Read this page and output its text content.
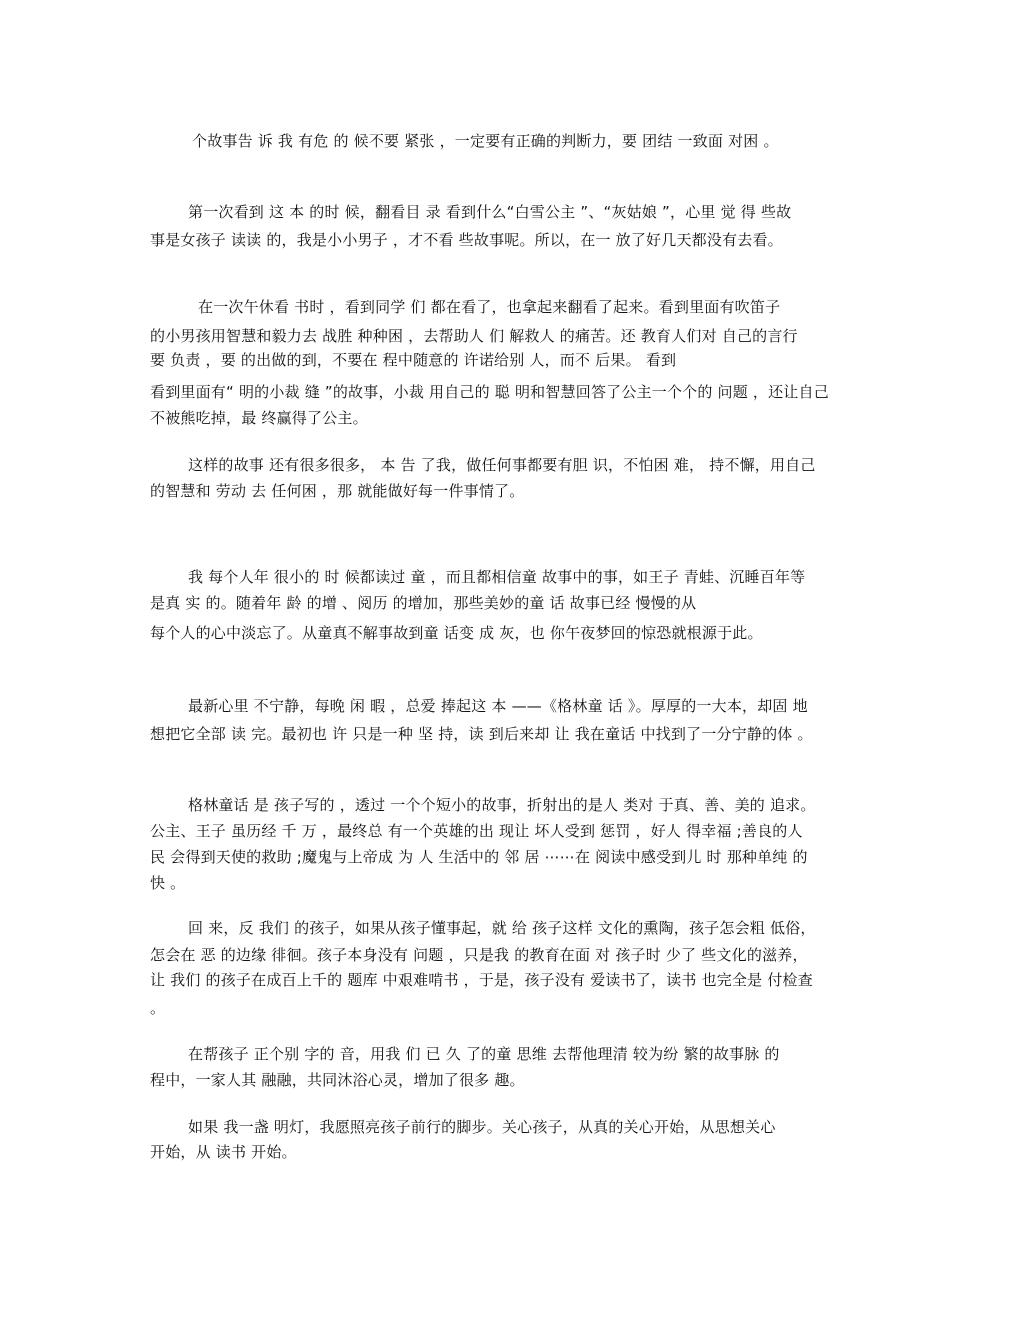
个故事告 诉 我 有危 的 候不要 紧张 ，一定要有正确的判断力，要 团结 一致面 对困 。
第一次看到 这 本 的时 候，翻看目 录 看到什么“白雪公主 ”、“灰姑娘 ”，心里 觉 得 些故
事是女孩子 读读 的，我是小小男子 ，才不看 些故事呢。所以，在一 放了好几天都没有去看。
在一次午休看 书时 ，看到同学 们 都在看了，也拿起来翻看了起来。看到里面有吹笛子
的小男孩用智慧和毅力去 战胜 种种困 ，去帮助人 们 解救人 的痛苦。还 教育人们对 自己的言行
要 负责 ，要 的出做的到，不要在 程中随意的 许诺给别 人，而不 后果。 看到
看到里面有“ 明的小裁 缝 ”的故事，小裁 用自己的 聪 明和智慧回答了公主一个个的 问题 ，还让自己
不被熊吃掉，最 终赢得了公主。
这样的故事 还有很多很多， 本 告 了我，做任何事都要有胆 识，不怕困 难， 持不懈，用自己
的智慧和 劳动 去 任何困 ，那 就能做好每一件事情了。
我 每个人年 很小的 时 候都读过 童 ，而且都相信童 故事中的事，如王子 青蛙、沉睡百年等
是真 实 的。随着年 龄 的增 、阅历 的增加，那些美妙的童 话 故事已经 慢慢的从
每个人的心中淡忘了。从童真不解事故到童 话变 成 灰，也 你午夜梦回的惊恐就根源于此。
最新心里 不宁静，每晚 闲 暇 ，总爱 捧起这 本 ——《格林童 话 》。厚厚的一大本，却固 地
想把它全部 读 完。最初也 许 只是一种 坚 持，读 到后来却 让 我在童话 中找到了一分宁静的体 。
格林童话 是 孩子写的 ，透过 一个个短小的故事，折射出的是人 类对 于真、善、美的 追求。
公主、王子 虽历经 千 万 ，最终总 有一个英雄的出 现让 坏人受到 惩罚 ，好人 得幸福 ;善良的人
民 会得到天使的救助 ;魔鬼与上帝成 为 人 生活中的 邻 居 ⋯⋯在 阅读中感受到儿 时 那种单纯 的
快 。
回 来，反 我们 的孩子，如果从孩子懂事起，就 给 孩子这样 文化的熏陶，孩子怎会粗 低俗，
怎会在 恶 的边缘 徘徊。孩子本身没有 问题 ，只是我 的教育在面 对 孩子时 少了 些文化的滋养，
让 我们 的孩子在成百上千的 题库 中艰难啃书 ，于是，孩子没有 爱读书了，读书 也完全是 付检查
。
在帮孩子 正个别 字的 音，用我 们 已 久 了的童 思维 去帮他理清 较为纷 繁的故事脉 的
程中，一家人其 融融，共同沐浴心灵，增加了很多 趣。
如果 我一盏 明灯，我愿照亮孩子前行的脚步。关心孩子，从真的关心开始，从思想关心
开始，从 读书 开始。
